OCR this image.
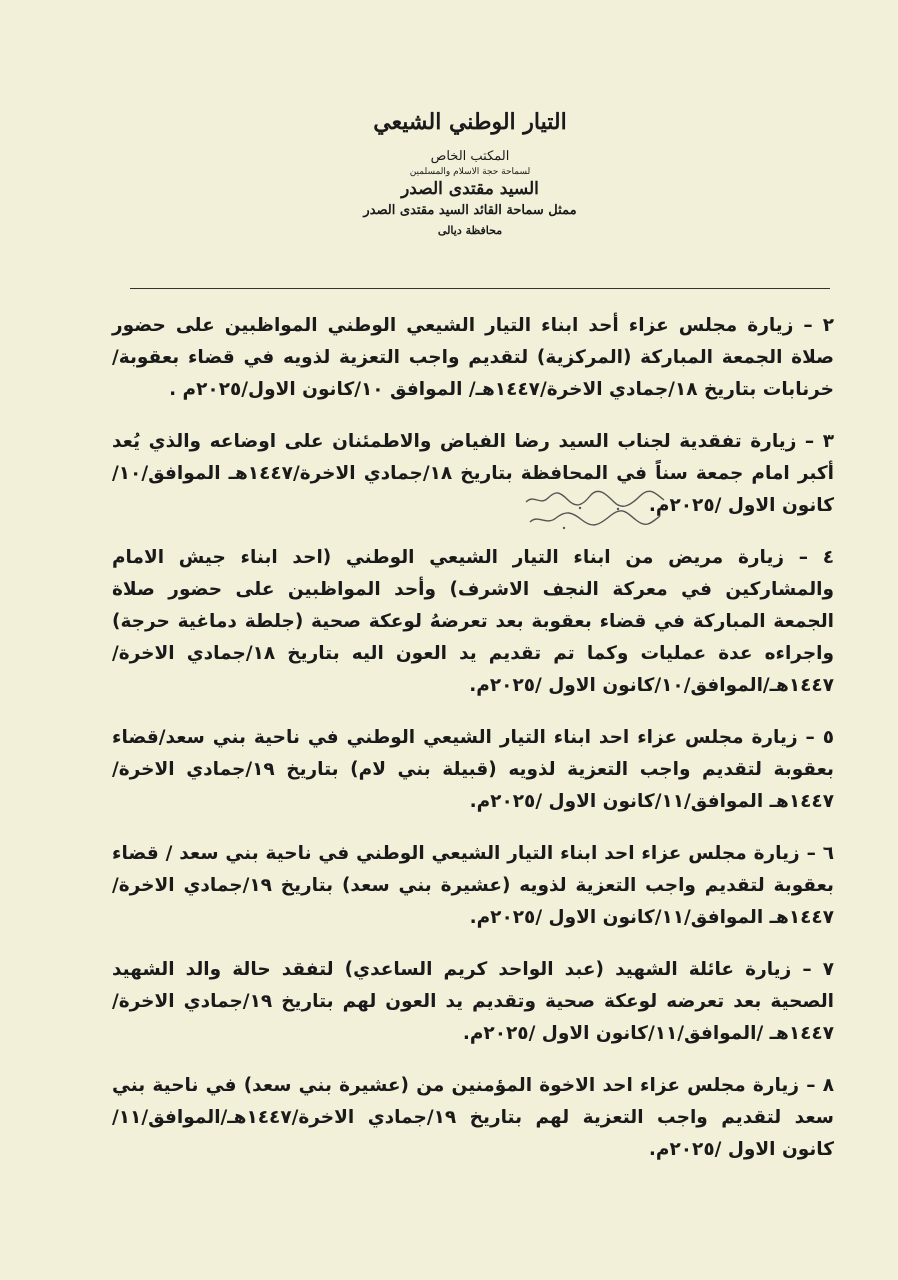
التيار الوطني الشيعي

المكتب الخاص

لسماحة حجة الاسلام والمسلمين

السيد مقتدى الصدر

ممثل سماحة القائد السيد مقتدى الصدر

محافظة ديالى

٢ – زيارة مجلس عزاء أحد ابناء التيار الشيعي الوطني المواظبين على حضور صلاة الجمعة المباركة (المركزية) لتقديم واجب التعزية لذويه في قضاء بعقوبة/ خرنابات بتاريخ ١٨/جمادي الاخرة/١٤٤٧هـ/ الموافق ١٠/كانون الاول/٢٠٢٥م .

٣ – زيارة تفقدية لجناب السيد رضا الفياض والاطمئنان على اوضاعه والذي يُعد أكبر امام جمعة سناً في المحافظة بتاريخ ١٨/جمادي الاخرة/١٤٤٧هـ الموافق/١٠/كانون الاول /٢٠٢٥م.

٤ – زيارة مريض من ابناء التيار الشيعي الوطني (احد ابناء جيش الامام والمشاركين في معركة النجف الاشرف) وأحد المواظبين على حضور صلاة الجمعة المباركة في قضاء بعقوبة بعد تعرضهُ لوعكة صحية (جلطة دماغية حرجة) واجراءه عدة عمليات وكما تم تقديم يد العون اليه بتاريخ ١٨/جمادي الاخرة/١٤٤٧هـ/الموافق/١٠/كانون الاول /٢٠٢٥م.

٥ – زيارة مجلس عزاء احد ابناء التيار الشيعي الوطني في ناحية بني سعد/قضاء بعقوبة لتقديم واجب التعزية لذويه (قبيلة بني لام) بتاريخ ١٩/جمادي الاخرة/١٤٤٧هـ الموافق/١١/كانون الاول /٢٠٢٥م.

٦ – زيارة مجلس عزاء احد ابناء التيار الشيعي الوطني في ناحية بني سعد / قضاء بعقوبة لتقديم واجب التعزية لذويه (عشيرة بني سعد) بتاريخ ١٩/جمادي الاخرة/١٤٤٧هـ الموافق/١١/كانون الاول /٢٠٢٥م.

٧ – زيارة عائلة الشهيد (عبد الواحد كريم الساعدي) لتفقد حالة والد الشهيد الصحية بعد تعرضه لوعكة صحية وتقديم يد العون لهم بتاريخ ١٩/جمادي الاخرة/١٤٤٧هـ /الموافق/١١/كانون الاول /٢٠٢٥م.

٨ – زيارة مجلس عزاء احد الاخوة المؤمنين من (عشيرة بني سعد) في ناحية بني سعد لتقديم واجب التعزية لهم بتاريخ ١٩/جمادي الاخرة/١٤٤٧هـ/الموافق/١١/كانون الاول /٢٠٢٥م.
